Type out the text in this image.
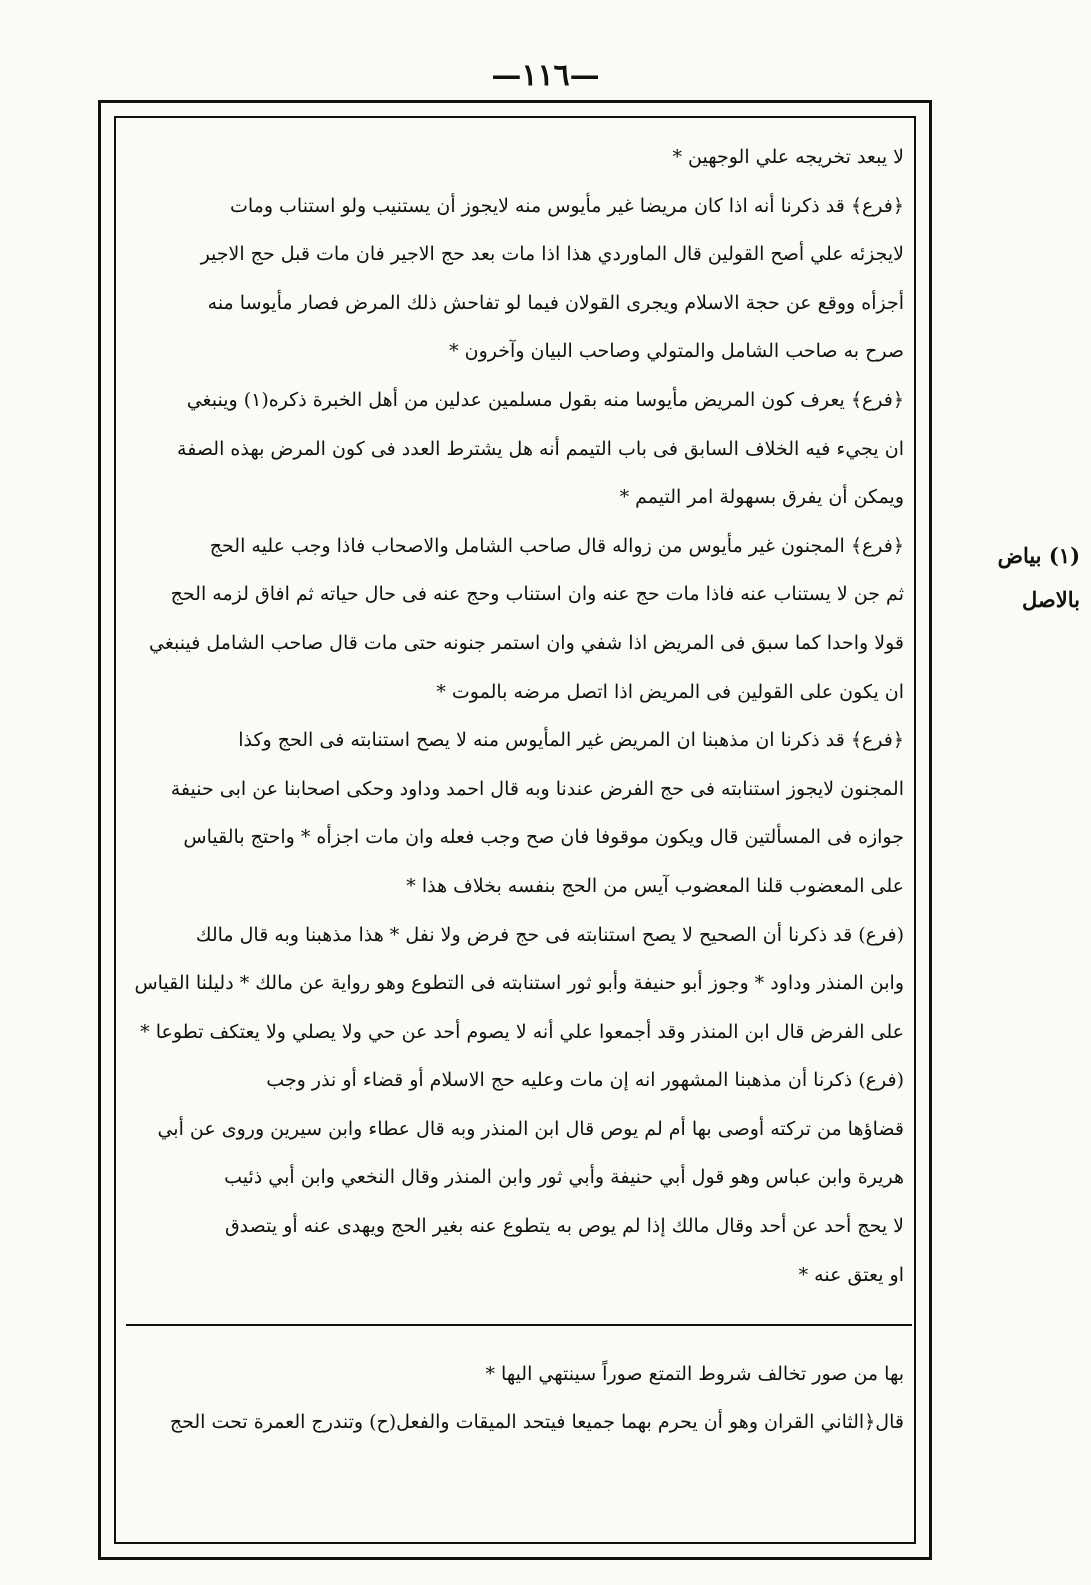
—١١٦—
(١) بياض
بالاصل

لا يبعد تخريجه علي الوجهين *

﴿فرع﴾ قد ذكرنا أنه اذا كان مريضا غير مأيوس منه لايجوز أن يستنيب ولو استناب ومات

لايجزئه علي أصح القولين قال الماوردي هذا اذا مات بعد حج الاجير فان مات قبل حج الاجير

أجزأه ووقع عن حجة الاسلام ويجرى القولان فيما لو تفاحش ذلك المرض فصار مأيوسا منه

صرح به صاحب الشامل والمتولي وصاحب البيان وآخرون *

﴿فرع﴾ يعرف كون المريض مأيوسا منه بقول مسلمين عدلين من أهل الخبرة ذكره(١) وينبغي

ان يجيء فيه الخلاف السابق فى باب التيمم أنه هل يشترط العدد فى كون المرض بهذه الصفة

ويمكن أن يفرق بسهولة امر التيمم *

﴿فرع﴾ المجنون غير مأيوس من زواله قال صاحب الشامل والاصحاب فاذا وجب عليه الحج

ثم جن لا يستناب عنه فاذا مات حج عنه وان استناب وحج عنه فى حال حياته ثم افاق لزمه الحج

قولا واحدا كما سبق فى المريض اذا شفي وان استمر جنونه حتى مات قال صاحب الشامل فينبغي

ان يكون على القولين فى المريض اذا اتصل مرضه بالموت *

﴿فرع﴾ قد ذكرنا ان مذهبنا ان المريض غير المأيوس منه لا يصح استنابته فى الحج وكذا

المجنون لايجوز استنابته فى حج الفرض عندنا وبه قال احمد وداود وحكى اصحابنا عن ابى حنيفة

جوازه فى المسألتين قال ويكون موقوفا فان صح وجب فعله وان مات اجزأه * واحتج بالقياس

على المعضوب قلنا المعضوب آيس من الحج بنفسه بخلاف هذا *

(فرع) قد ذكرنا أن الصحيح لا يصح استنابته فى حج فرض ولا نفل * هذا مذهبنا وبه قال مالك

وابن المنذر وداود * وجوز أبو حنيفة وأبو ثور استنابته فى التطوع وهو رواية عن مالك * دليلنا القياس

على الفرض قال ابن المنذر وقد أجمعوا علي أنه لا يصوم أحد عن حي ولا يصلي ولا يعتكف تطوعا *

(فرع) ذكرنا أن مذهبنا المشهور انه إن مات وعليه حج الاسلام أو قضاء أو نذر وجب

قضاؤها من تركته أوصى بها أم لم يوص قال ابن المنذر وبه قال عطاء وابن سيرين وروى عن أبي

هريرة وابن عباس وهو قول أبي حنيفة وأبي ثور وابن المنذر وقال النخعي وابن أبي ذئيب

لا يحج أحد عن أحد وقال مالك إذا لم يوص به يتطوع عنه بغير الحج ويهدى عنه أو يتصدق

او يعتق عنه *

بها من صور تخالف شروط التمتع صوراً سينتهي اليها *

قال﴿الثاني القران وهو أن يحرم بهما جميعا فيتحد الميقات والفعل(ح) وتندرج العمرة تحت الحج
